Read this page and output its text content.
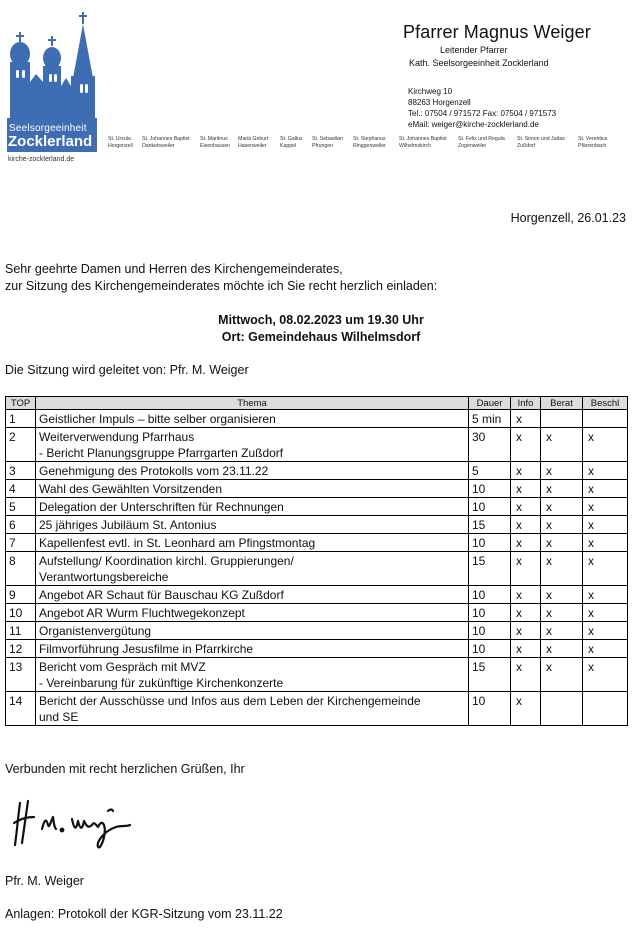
Seelsorgeeinheit
Zocklerland
kirche-zocklerland.de
Pfarrer Magnus Weiger
Leitender Pfarrer
Kath. Seelsorgeeinheit Zocklerland
Kirchweg 10
88263 Horgenzell
Tel.: 07504 / 971572 Fax: 07504 / 971573
eMail: weiger@kirche-zocklerland.de
St. Ursula
Horgenzell
St. Johannes Baptist
Danketsweiler
St. Martinus
Eisenhausen
Mariä Geburt
Hasenweiler
St. Gallus
Kappel
St. Sebastian
Pfrungen
St. Stephanus
Ringgenweiler
St. Johannes Baptist
Wilhelmskirch
St. Felix und Regula
Zogenweiler
St. Simon und Judas
Zußdorf
St. Verentius
Pfärrenbach
Horgenzell, 26.01.23
Sehr geehrte Damen und Herren des Kirchengemeinderates,
zur Sitzung des Kirchengemeinderates möchte ich Sie recht herzlich einladen:
Mittwoch, 08.02.2023 um 19.30 Uhr
Ort: Gemeindehaus Wilhelmsdorf
Die Sitzung wird geleitet von: Pfr. M. Weiger
TOP	Thema	Dauer	Info	Berat	Beschl
1	Geistlicher Impuls – bitte selber organisieren	5 min	x		
2	Weiterverwendung Pfarrhaus
- Bericht Planungsgruppe Pfarrgarten Zußdorf	30	x	x	x
3	Genehmigung des Protokolls vom 23.11.22	5	x	x	x
4	Wahl des Gewählten Vorsitzenden	10	x	x	x
5	Delegation der Unterschriften für Rechnungen	10	x	x	x
6	25 jähriges Jubiläum St. Antonius	15	x	x	x
7	Kapellenfest evtl. in St. Leonhard am Pfingstmontag	10	x	x	x
8	Aufstellung/ Koordination kirchl. Gruppierungen/
Verantwortungsbereiche	15	x	x	x
9	Angebot AR Schaut für Bauschau KG Zußdorf	10	x	x	x
10	Angebot AR Wurm Fluchtwegekonzept	10	x	x	x
11	Organistenvergütung	10	x	x	x
12	Filmvorführung Jesusfilme in Pfarrkirche	10	x	x	x
13	Bericht vom Gespräch mit MVZ
- Vereinbarung für zukünftige Kirchenkonzerte	15	x	x	x
14	Bericht der Ausschüsse und Infos aus dem Leben der Kirchengemeinde
und SE	10	x		
Verbunden mit recht herzlichen Grüßen, Ihr
Pfr. M. Weiger
Anlagen: Protokoll der KGR-Sitzung vom 23.11.22
